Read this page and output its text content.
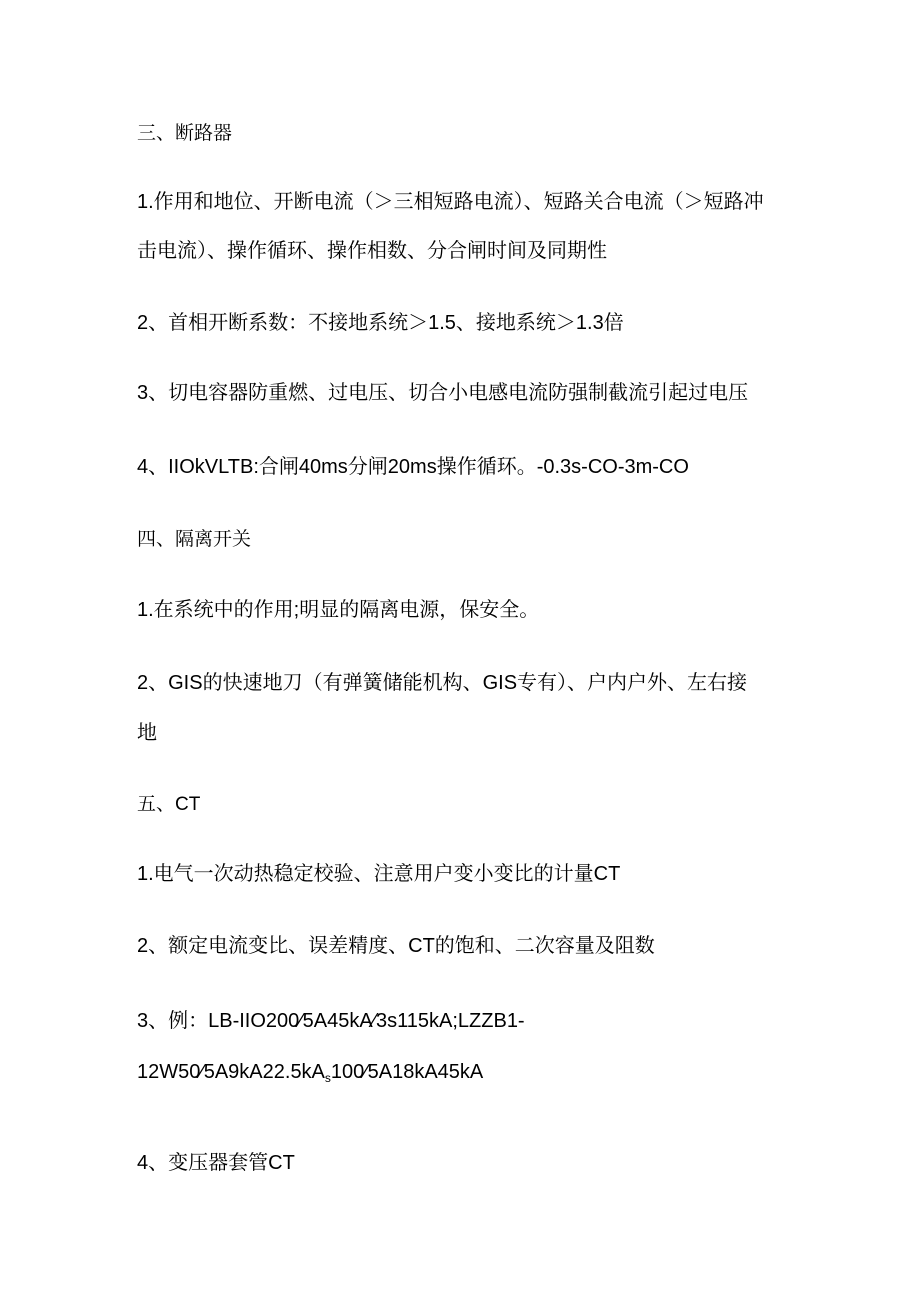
三、断路器
1.作用和地位、开断电流（＞三相短路电流）、短路关合电流（＞短路冲
击电流）、操作循环、操作相数、分合闸时间及同期性
2、首相开断系数：不接地系统＞1.5、接地系统＞1.3倍
3、切电容器防重燃、过电压、切合小电感电流防强制截流引起过电压
4、IIOkVLTB:合闸40ms分闸20ms操作循环。-0.3s-CO-3m-CO
四、隔离开关
1.在系统中的作用;明显的隔离电源，保安全。
2、GIS的快速地刀（有弹簧储能机构、GIS专有）、户内户外、左右接
地
五、CT
1.电气一次动热稳定校验、注意用户变小变比的计量CT
2、额定电流变比、误差精度、CT的饱和、二次容量及阻数
3、例：LB-IIO200⁄5A45kA⁄3s115kA;LZZB1-
$12W50⁄5A9kA22.5kA_s100⁄5A18kA45kA$
4、变压器套管CT
